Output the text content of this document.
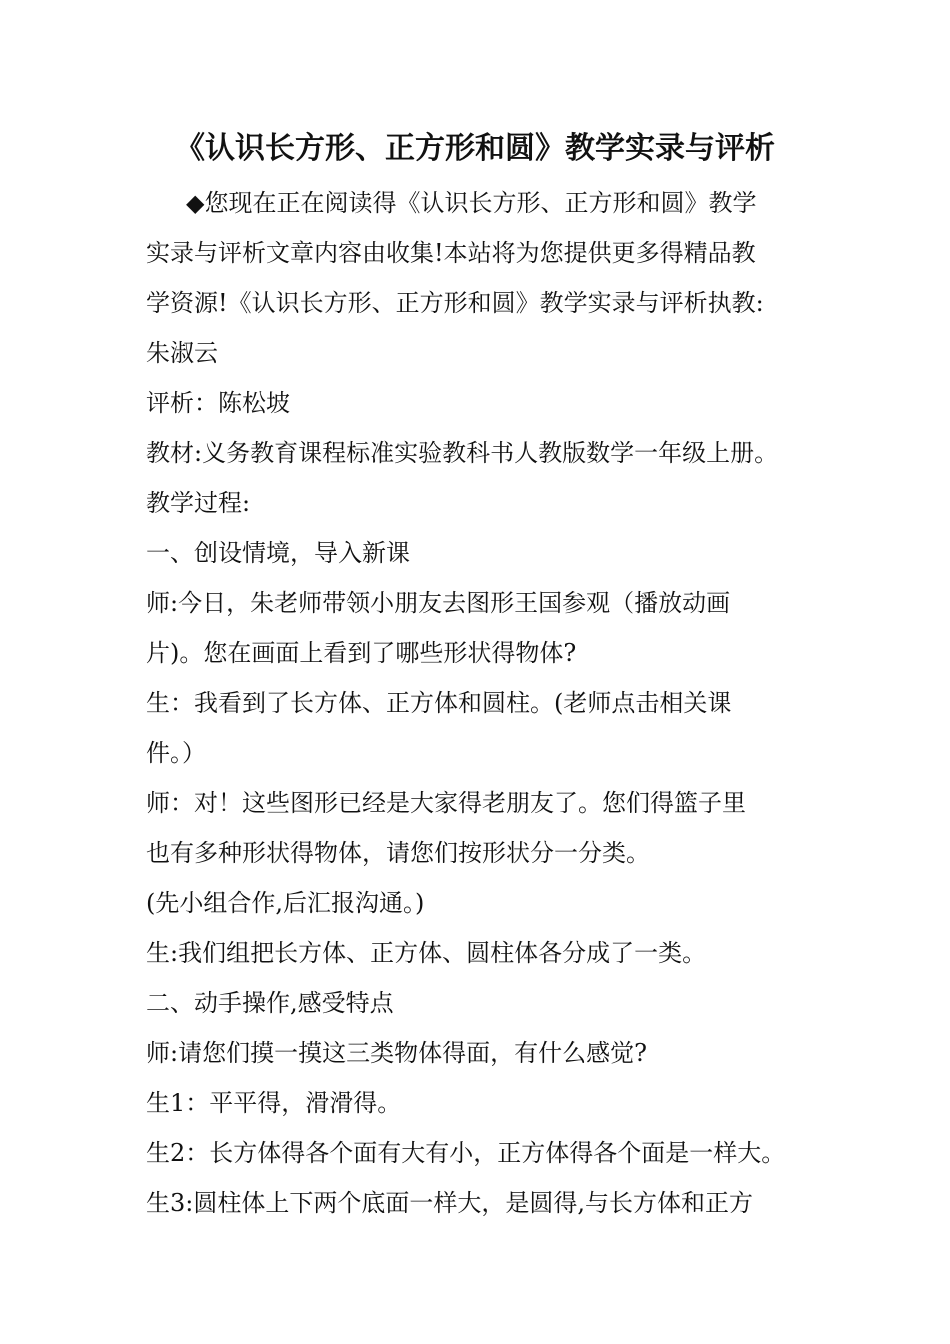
《认识长方形、正方形和圆》教学实录与评析
◆您现在正在阅读得《认识长方形、正方形和圆》教学
实录与评析文章内容由收集!本站将为您提供更多得精品教
学资源!《认识长方形、正方形和圆》教学实录与评析执教:
朱淑云
评析：陈松坡
教材:义务教育课程标准实验教科书人教版数学一年级上册。
教学过程:
一、创设情境，导入新课
师:今日，朱老师带领小朋友去图形王国参观（播放动画
片)。您在画面上看到了哪些形状得物体?
生：我看到了长方体、正方体和圆柱。(老师点击相关课
件。）
师：对！这些图形已经是大家得老朋友了。您们得篮子里
也有多种形状得物体，请您们按形状分一分类。
(先小组合作,后汇报沟通。)
生:我们组把长方体、正方体、圆柱体各分成了一类。
二、动手操作,感受特点
师:请您们摸一摸这三类物体得面，有什么感觉?
生1：平平得，滑滑得。
生2：长方体得各个面有大有小，正方体得各个面是一样大。
生3:圆柱体上下两个底面一样大，是圆得,与长方体和正方
